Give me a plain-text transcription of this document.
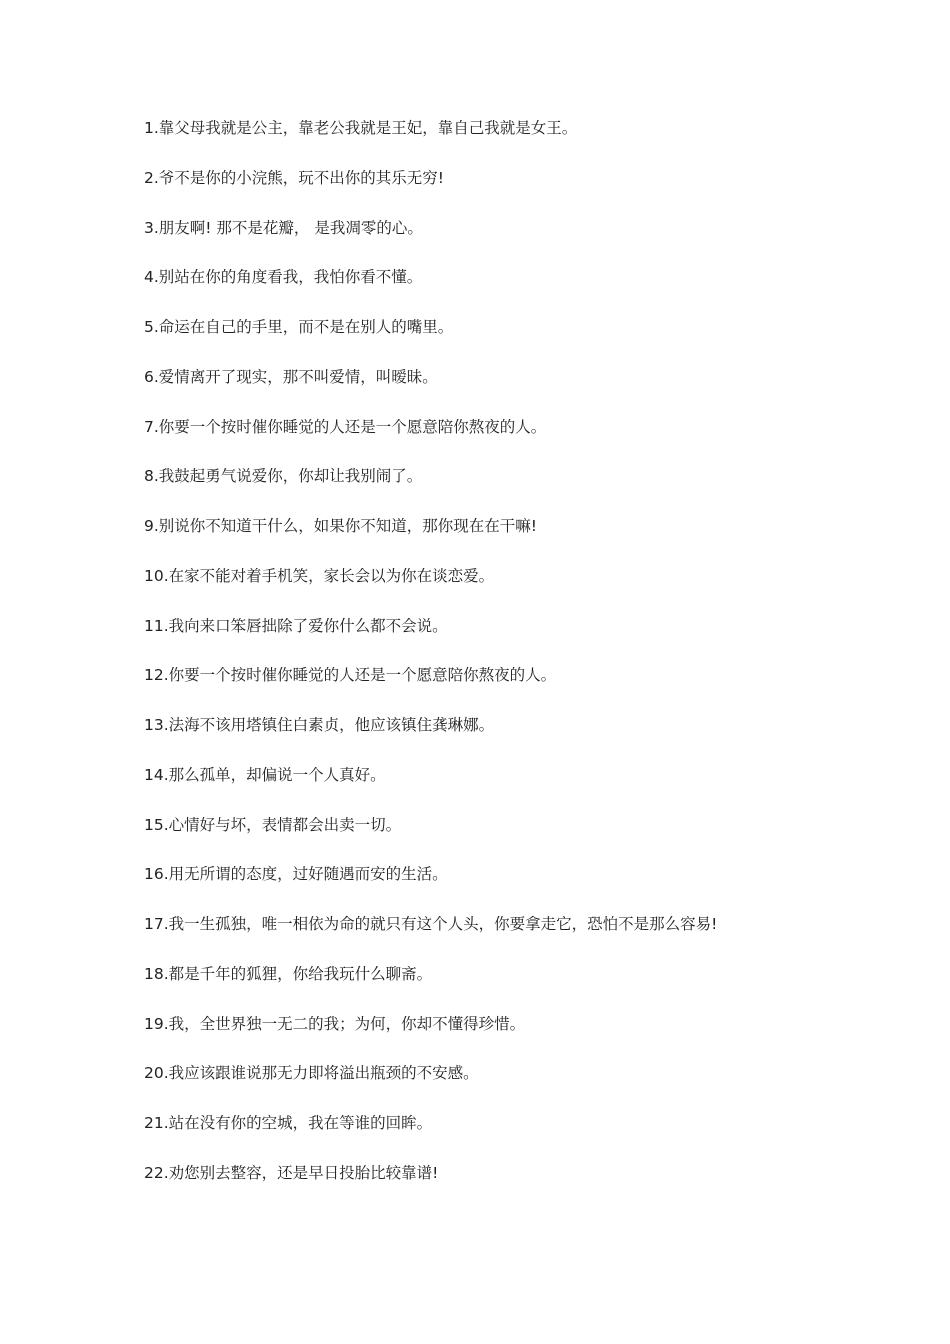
1.靠父母我就是公主，靠老公我就是王妃，靠自己我就是女王。
2.爷不是你的小浣熊，玩不出你的其乐无穷!
3.朋友啊! 那不是花瓣， 是我凋零的心。
4.别站在你的角度看我，我怕你看不懂。
5.命运在自己的手里，而不是在别人的嘴里。
6.爱情离开了现实，那不叫爱情，叫暧昧。
7.你要一个按时催你睡觉的人还是一个愿意陪你熬夜的人。
8.我鼓起勇气说爱你，你却让我别闹了。
9.别说你不知道干什么，如果你不知道，那你现在在干嘛!
10.在家不能对着手机笑，家长会以为你在谈恋爱。
11.我向来口笨唇拙除了爱你什么都不会说。
12.你要一个按时催你睡觉的人还是一个愿意陪你熬夜的人。
13.法海不该用塔镇住白素贞，他应该镇住龚琳娜。
14.那么孤单，却偏说一个人真好。
15.心情好与坏，表情都会出卖一切。
16.用无所谓的态度，过好随遇而安的生活。
17.我一生孤独，唯一相依为命的就只有这个人头，你要拿走它，恐怕不是那么容易!
18.都是千年的狐狸，你给我玩什么聊斋。
19.我，全世界独一无二的我；为何，你却不懂得珍惜。
20.我应该跟谁说那无力即将溢出瓶颈的不安感。
21.站在没有你的空城，我在等谁的回眸。
22.劝您别去整容，还是早日投胎比较靠谱!
